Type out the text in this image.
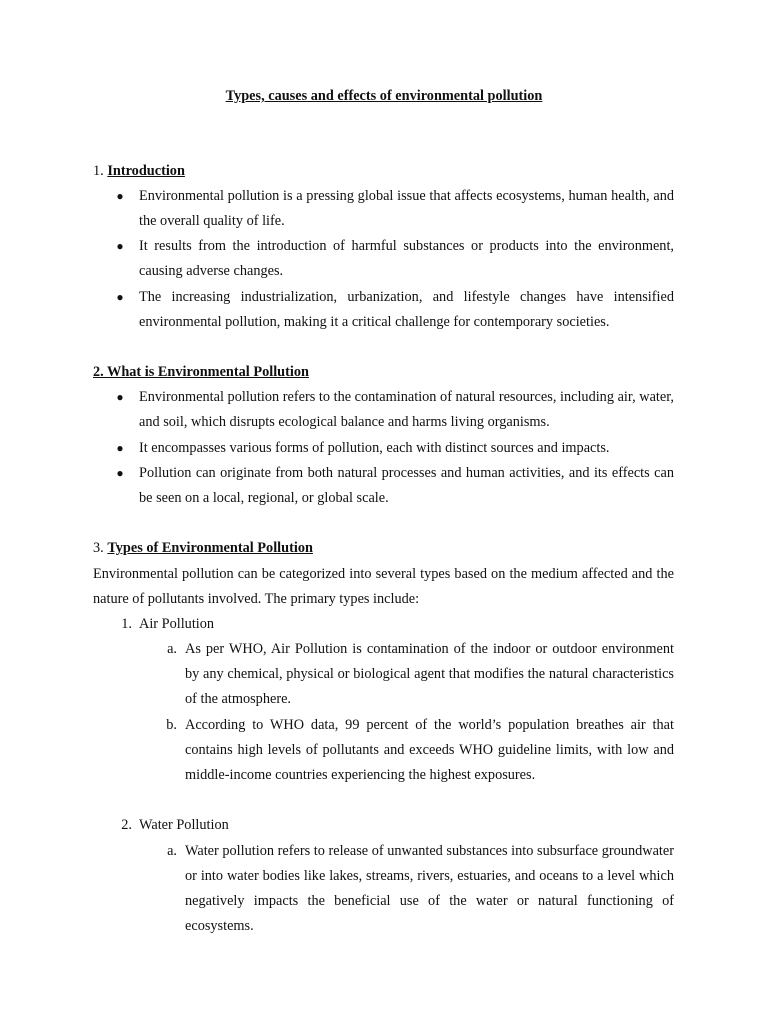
Types, causes and effects of environmental pollution
1. Introduction
● Environmental pollution is a pressing global issue that affects ecosystems, human health, and the overall quality of life.
● It results from the introduction of harmful substances or products into the environment, causing adverse changes.
● The increasing industrialization, urbanization, and lifestyle changes have intensified environmental pollution, making it a critical challenge for contemporary societies.
2. What is Environmental Pollution
● Environmental pollution refers to the contamination of natural resources, including air, water, and soil, which disrupts ecological balance and harms living organisms.
● It encompasses various forms of pollution, each with distinct sources and impacts.
● Pollution can originate from both natural processes and human activities, and its effects can be seen on a local, regional, or global scale.
3. Types of Environmental Pollution
Environmental pollution can be categorized into several types based on the medium affected and the nature of pollutants involved. The primary types include:
1. Air Pollution
a. As per WHO, Air Pollution is contamination of the indoor or outdoor environment by any chemical, physical or biological agent that modifies the natural characteristics of the atmosphere.
b. According to WHO data, 99 percent of the world’s population breathes air that contains high levels of pollutants and exceeds WHO guideline limits, with low and middle-income countries experiencing the highest exposures.
2. Water Pollution
a. Water pollution refers to release of unwanted substances into subsurface groundwater or into water bodies like lakes, streams, rivers, estuaries, and oceans to a level which negatively impacts the beneficial use of the water or natural functioning of ecosystems.
